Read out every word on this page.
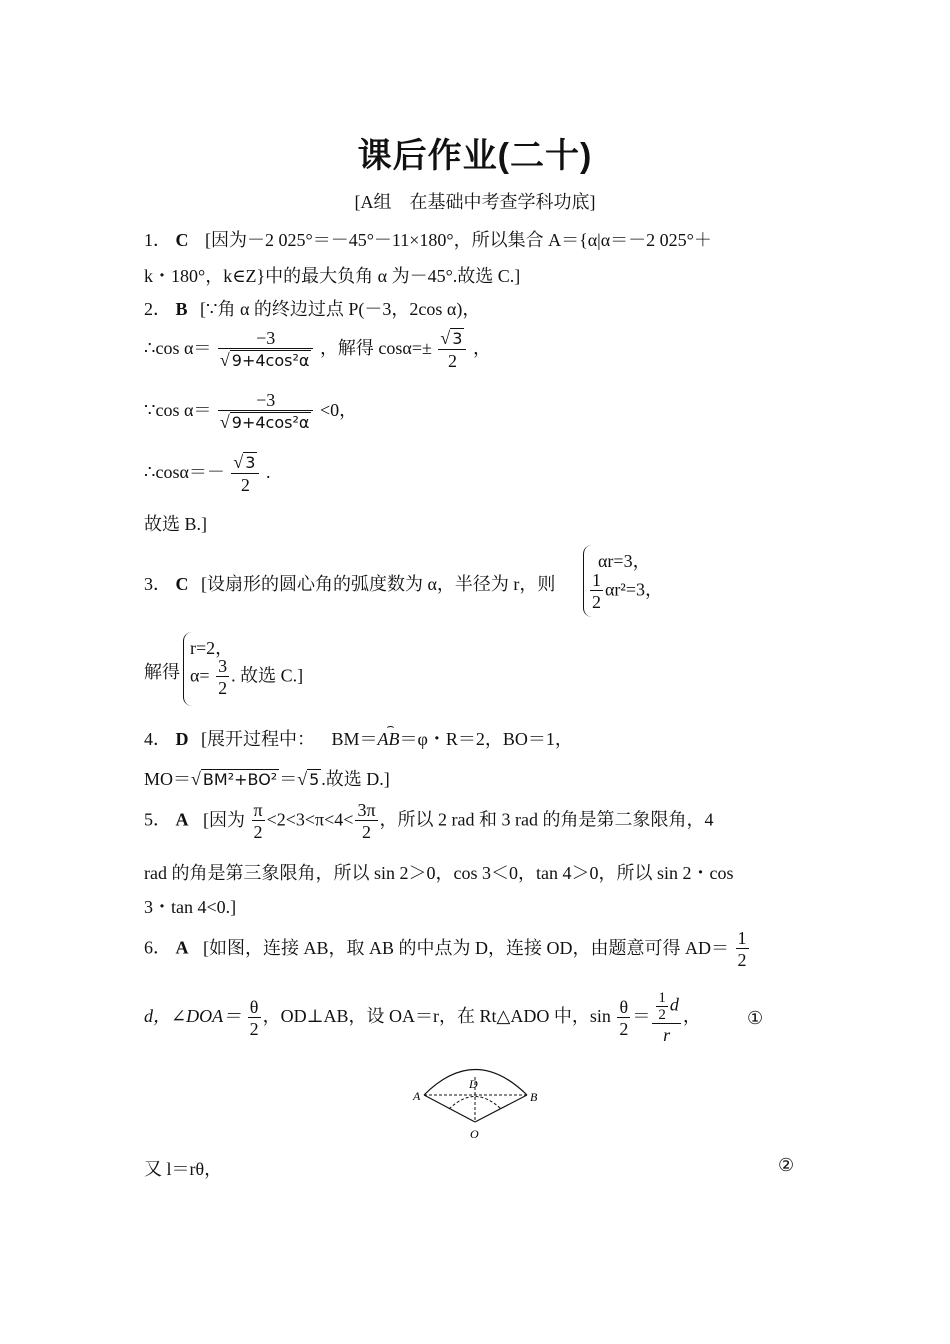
课后作业(二十)
[A组　在基础中考查学科功底]
1． C [因为－2 025°＝－45°－11×180°，所以集合 A＝{α|α＝－2 025°＋
k・180°，k∈Z}中的最大负角 α 为－45°.故选 C.]
2． B [∵角 α 的终边过点 P(－3，2cos α)，
∴cos $\alpha= \frac{-3}{\text{√ 9+4cos²α}}$ ，解得 $\cos\alpha=\pm \frac{√ 3}{2}$ ，
∵cos $\alpha= \frac{-3}{\text{√ 9+4cos²α}} <0$，
∴cosα＝－ $\frac{√ 3}{2}$ .
故选 B.]
3． C [设扇形的圆心角的弧度数为 α，半径为 r，则
αr=3，
$\frac{1}{2} \alpha r^2=3$，
解得
r=2，
$\alpha= \frac{3}{2}$ . 故选 C.]
4． D [展开过程中： BM＝
⌢
AB＝φ・R＝2，BO＝1，
MO＝√ BM²+BO² ＝√ 5 .故选 D.]
5． A [因为 $\frac{\pi}{2} <2<3<\pi<4< \frac{3\pi}{2}$ ，所以 2 rad 和 3 rad 的角是第二象限角，4
rad 的角是第三象限角，所以 sin 2＞0，cos 3＜0，tan 4＞0，所以 sin 2・cos
3・tan 4<0.]
6． A [如图，连接 AB，取 AB 的中点为 D，连接 OD，由题意可得 $AD= \frac{1}{2}$
d，∠DOA＝ $\frac{\theta}{2}$ ，OD⊥AB，设 OA＝r，在 Rt△ADO 中，$\sin \frac{\theta}{2} = \frac{\frac{1}{2} d}{r}$ ，	①
A
D
B
O
又 l＝rθ，	②
